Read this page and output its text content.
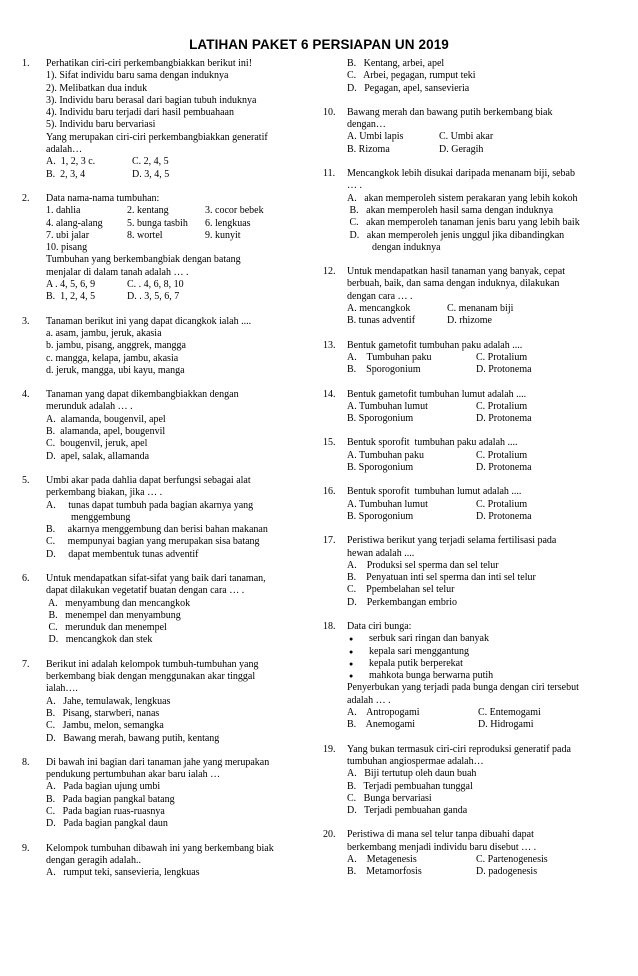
LATIHAN PAKET 6 PERSIAPAN UN 2019
1. Perhatikan ciri-ciri perkembangbiakkan berikut ini!
1). Sifat individu baru sama dengan induknya
2). Melibatkan dua induk
3). Individu baru berasal dari bagian tubuh induknya
4). Individu baru terjadi dari hasil pembuahaan
5). Individu baru bervariasi
Yang merupakan ciri-ciri perkembangbiakkan generatif
adalah…
A.  1, 2, 3 c.	C. 2, 4, 5
B.  2, 3, 4	D. 3, 4, 5
2. Data nama-nama tumbuhan:
1. dahlia	2. kentang	3. cocor bebek
4. alang-alang	5. bunga tasbih	6. lengkuas
7. ubi jalar	8. wortel	9. kunyit
10. pisang
Tumbuhan yang berkembangbiak dengan batang
menjalar di dalam tanah adalah … .
A . 4, 5, 6, 9	C. . 4, 6, 8, 10
B.  1, 2, 4, 5	D. . 3, 5, 6, 7
3. Tanaman berikut ini yang dapat dicangkok ialah ....
a. asam, jambu, jeruk, akasia
b. jambu, pisang, anggrek, mangga
c. mangga, kelapa, jambu, akasia
d. jeruk, mangga, ubi kayu, manga
4. Tanaman yang dapat dikembangbiakkan dengan
merunduk adalah … .
A.  alamanda, bougenvil, apel
B.  alamanda, apel, bougenvil
C.  bougenvil, jeruk, apel
D.  apel, salak, allamanda
5. Umbi akar pada dahlia dapat berfungsi sebagai alat
perkembang biakan, jika … .
A.     tunas dapat tumbuh pada bagian akarnya yang
menggembung
B.     akarnya menggembung dan berisi bahan makanan
C.     mempunyai bagian yang merupakan sisa batang
D.     dapat membentuk tunas adventif
6. Untuk mendapatkan sifat-sifat yang baik dari tanaman,
dapat dilakukan vegetatif buatan dengan cara … .
A.   menyambung dan mencangkok
B.   menempel dan menyambung
C.   merunduk dan menempel
D.   mencangkok dan stek
7. Berikut ini adalah kelompok tumbuh-tumbuhan yang
berkembang biak dengan menggunakan akar tinggal
ialah….
A.   Jahe, temulawak, lengkuas
B.   Pisang, starwberi, nanas
C.   Jambu, melon, semangka
D.   Bawang merah, bawang putih, kentang
8. Di bawah ini bagian dari tanaman jahe yang merupakan
pendukung pertumbuhan akar baru ialah …
A.   Pada bagian ujung umbi
B.   Pada bagian pangkal batang
C.   Pada bagian ruas-ruasnya
D.   Pada bagian pangkal daun
9. Kelompok tumbuhan dibawah ini yang berkembang biak
dengan geragih adalah..
A.   rumput teki, sansevieria, lengkuas
B.   Kentang, arbei, apel
C.   Arbei, pegagan, rumput teki
D.   Pegagan, apel, sansevieria
10. Bawang merah dan bawang putih berkembang biak
dengan…
A. Umbi lapis	C. Umbi akar
B. Rizoma	D. Geragih
11. Mencangkok lebih disukai daripada menanam biji, sebab
… .
A.   akan memperoleh sistem perakaran yang lebih kokoh
B.   akan memperoleh hasil sama dengan induknya
C.   akan memperoleh tanaman jenis baru yang lebih baik
D.   akan memperoleh jenis unggul jika dibandingkan
dengan induknya
12. Untuk mendapatkan hasil tanaman yang banyak, cepat
berbuah, baik, dan sama dengan induknya, dilakukan
dengan cara … .
A. mencangkok	C. menanam biji
B. tunas adventif	D. rhizome
13. Bentuk gametofit tumbuhan paku adalah ....
A.    Tumbuhan paku	C. Protalium
B.    Sporogonium	D. Protonema
14. Bentuk gametofit tumbuhan lumut adalah ....
A. Tumbuhan lumut	C. Protalium
B. Sporogonium	D. Protonema
15. Bentuk sporofit  tumbuhan paku adalah ....
A. Tumbuhan paku	C. Protalium
B. Sporogonium	D. Protonema
16. Bentuk sporofit  tumbuhan lumut adalah ....
A. Tumbuhan lumut	C. Protalium
B. Sporogonium	D. Protonema
17. Peristiwa berikut yang terjadi selama fertilisasi pada
hewan adalah ....
A.    Produksi sel sperma dan sel telur
B.    Penyatuan inti sel sperma dan inti sel telur
C.    Ppembelahan sel telur
D.    Perkembangan embrio
18. Data ciri bunga:
●	serbuk sari ringan dan banyak
●	kepala sari menggantung
●	kepala putik berperekat
●	mahkota bunga berwarna putih
Penyerbukan yang terjadi pada bunga dengan ciri tersebut
adalah … .
A.    Antropogami	C. Entemogami
B.    Anemogami	D. Hidrogami
19. Yang bukan termasuk ciri-ciri reproduksi generatif pada
tumbuhan angiospermae adalah…
A.   Biji tertutup oleh daun buah
B.   Terjadi pembuahan tunggal
C.   Bunga bervariasi
D.   Terjadi pembuahan ganda
20. Peristiwa di mana sel telur tanpa dibuahi dapat
berkembang menjadi individu baru disebut … .
A.    Metagenesis	C. Partenogenesis
B.    Metamorfosis	D. padogenesis
